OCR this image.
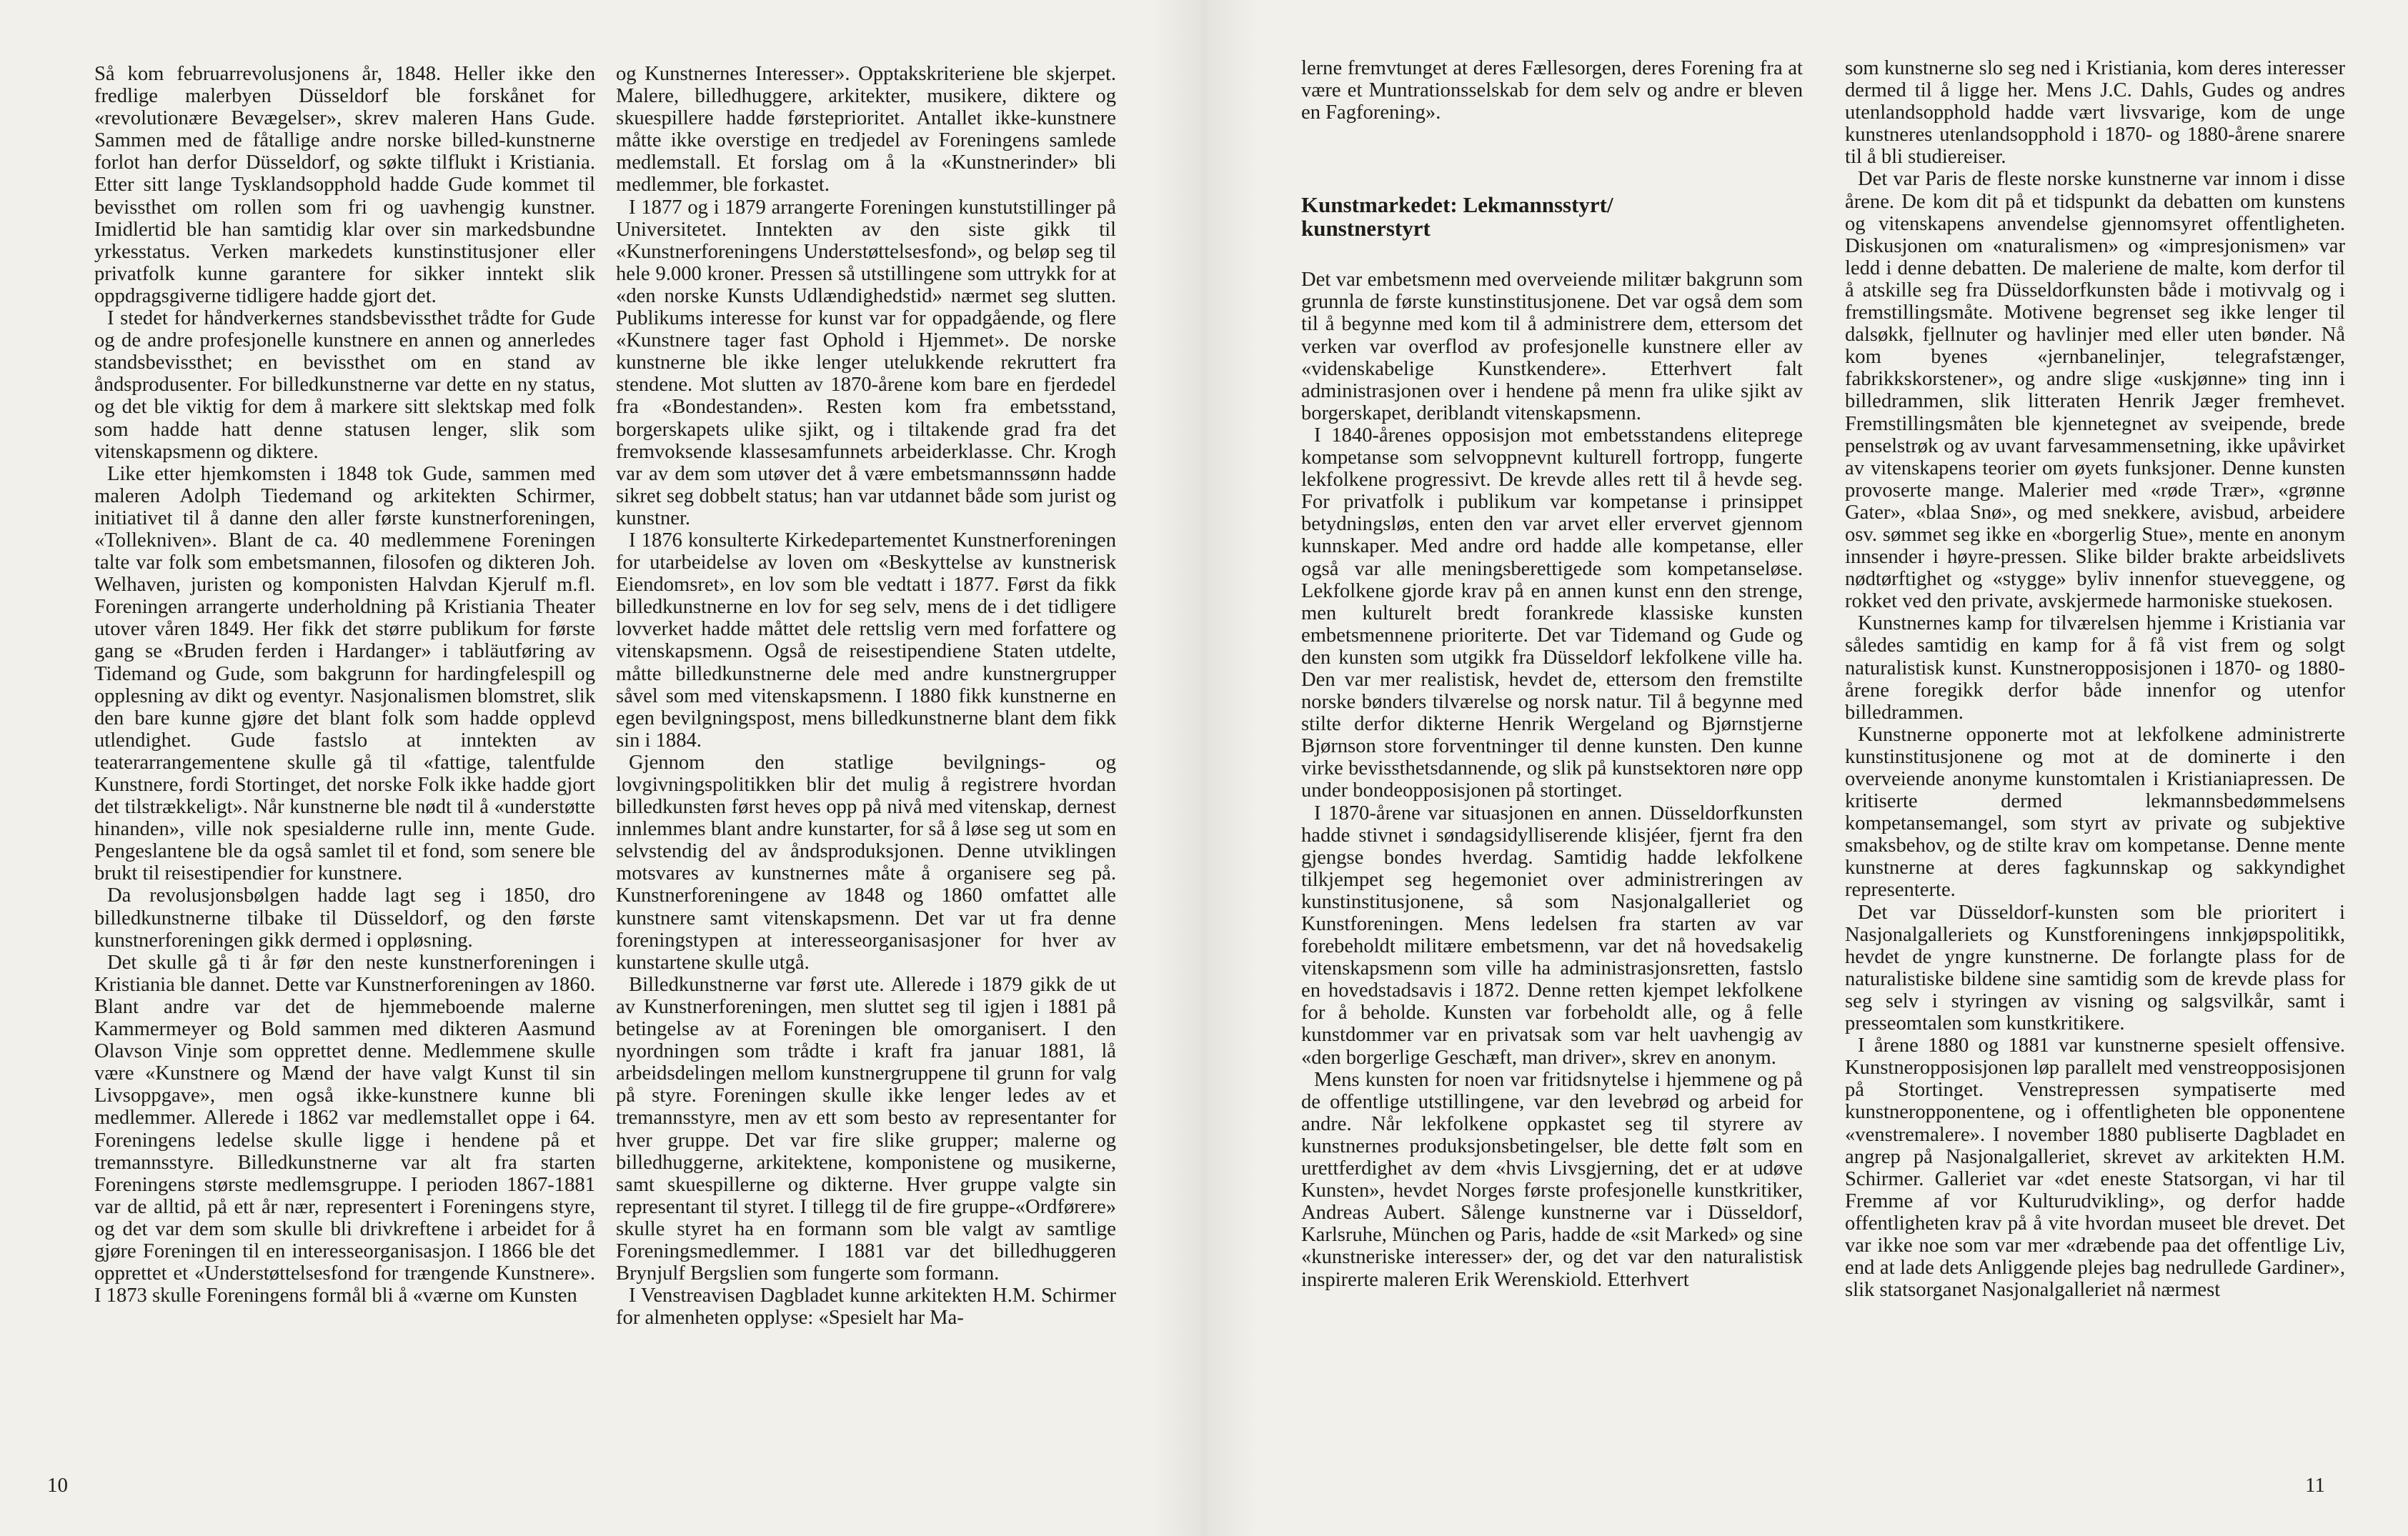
Så kom februarrevolusjonens år, 1848. Heller ikke den fredlige malerbyen Düsseldorf ble forskånet for «revolutionære Bevægelser», skrev maleren Hans Gude. Sammen med de fåtallige andre norske billed-kunstnerne forlot han derfor Düsseldorf, og søkte tilflukt i Kristiania. Etter sitt lange Tysklandsopphold hadde Gude kommet til bevissthet om rollen som fri og uavhengig kunstner. Imidlertid ble han samtidig klar over sin markedsbundne yrkesstatus. Verken markedets kunstinstitusjoner eller privatfolk kunne garantere for sikker inntekt slik oppdragsgiverne tidligere hadde gjort det.

I stedet for håndverkernes standsbevissthet trådte for Gude og de andre profesjonelle kunstnere en annen og annerledes standsbevissthet; en bevissthet om en stand av åndsprodusenter. For billedkunstnerne var dette en ny status, og det ble viktig for dem å markere sitt slektskap med folk som hadde hatt denne statusen lenger, slik som vitenskapsmenn og diktere.

Like etter hjemkomsten i 1848 tok Gude, sammen med maleren Adolph Tiedemand og arkitekten Schirmer, initiativet til å danne den aller første kunstnerforeningen, «Tollekniven». Blant de ca. 40 medlemmene Foreningen talte var folk som embetsmannen, filosofen og dikteren Joh. Welhaven, juristen og komponisten Halvdan Kjerulf m.fl. Foreningen arrangerte underholdning på Kristiania Theater utover våren 1849. Her fikk det større publikum for første gang se «Bruden ferden i Hardanger» i tabläutføring av Tidemand og Gude, som bakgrunn for hardingfelespill og opplesning av dikt og eventyr. Nasjonalismen blomstret, slik den bare kunne gjøre det blant folk som hadde opplevd utlendighet. Gude fastslo at inntekten av teaterarrangementene skulle gå til «fattige, talentfulde Kunstnere, fordi Stortinget, det norske Folk ikke hadde gjort det tilstrækkeligt». Når kunstnerne ble nødt til å «understøtte hinanden», ville nok spesialderne rulle inn, mente Gude. Pengeslantene ble da også samlet til et fond, som senere ble brukt til reisestipendier for kunstnere.

Da revolusjonsbølgen hadde lagt seg i 1850, dro billedkunstnerne tilbake til Düsseldorf, og den første kunstnerforeningen gikk dermed i oppløsning.

Det skulle gå ti år før den neste kunstnerforeningen i Kristiania ble dannet. Dette var Kunstnerforeningen av 1860. Blant andre var det de hjemmeboende malerne Kammermeyer og Bold sammen med dikteren Aasmund Olavson Vinje som opprettet denne. Medlemmene skulle være «Kunstnere og Mænd der have valgt Kunst til sin Livsoppgave», men også ikke-kunstnere kunne bli medlemmer. Allerede i 1862 var medlemstallet oppe i 64. Foreningens ledelse skulle ligge i hendene på et tremannsstyre. Billedkunstnerne var alt fra starten Foreningens største medlemsgruppe. I perioden 1867-1881 var de alltid, på ett år nær, representert i Foreningens styre, og det var dem som skulle bli drivkreftene i arbeidet for å gjøre Foreningen til en interesseorganisasjon. I 1866 ble det opprettet et «Understøttelsesfond for trængende Kunstnere». I 1873 skulle Foreningens formål bli å «værne om Kunsten

og Kunstnernes Interesser». Opptakskriteriene ble skjerpet. Malere, billedhuggere, arkitekter, musikere, diktere og skuespillere hadde førsteprioritet. Antallet ikke-kunstnere måtte ikke overstige en tredjedel av Foreningens samlede medlemstall. Et forslag om å la «Kunstnerinder» bli medlemmer, ble forkastet.

I 1877 og i 1879 arrangerte Foreningen kunstutstillinger på Universitetet. Inntekten av den siste gikk til «Kunstnerforeningens Understøttelsesfond», og beløp seg til hele 9.000 kroner. Pressen så utstillingene som uttrykk for at «den norske Kunsts Udlændighedstid» nærmet seg slutten. Publikums interesse for kunst var for oppadgående, og flere «Kunstnere tager fast Ophold i Hjemmet». De norske kunstnerne ble ikke lenger utelukkende rekruttert fra stendene. Mot slutten av 1870-årene kom bare en fjerdedel fra «Bondestanden». Resten kom fra embetsstand, borgerskapets ulike sjikt, og i tiltakende grad fra det fremvoksende klassesamfunnets arbeiderklasse. Chr. Krogh var av dem som utøver det å være embetsmannssønn hadde sikret seg dobbelt status; han var utdannet både som jurist og kunstner.

I 1876 konsulterte Kirkedepartementet Kunstnerforeningen for utarbeidelse av loven om «Beskyttelse av kunstnerisk Eiendomsret», en lov som ble vedtatt i 1877. Først da fikk billedkunstnerne en lov for seg selv, mens de i det tidligere lovverket hadde måttet dele rettslig vern med forfattere og vitenskapsmenn. Også de reisestipendiene Staten utdelte, måtte billedkunstnerne dele med andre kunstnergrupper såvel som med vitenskapsmenn. I 1880 fikk kunstnerne en egen bevilgningspost, mens billedkunstnerne blant dem fikk sin i 1884.

Gjennom den statlige bevilgnings- og lovgivningspolitikken blir det mulig å registrere hvordan billedkunsten først heves opp på nivå med vitenskap, dernest innlemmes blant andre kunstarter, for så å løse seg ut som en selvstendig del av åndsproduksjonen. Denne utviklingen motsvares av kunstnernes måte å organisere seg på. Kunstnerforeningene av 1848 og 1860 omfattet alle kunstnere samt vitenskapsmenn. Det var ut fra denne foreningstypen at interesseorganisasjoner for hver av kunstartene skulle utgå.

Billedkunstnerne var først ute. Allerede i 1879 gikk de ut av Kunstnerforeningen, men sluttet seg til igjen i 1881 på betingelse av at Foreningen ble omorganisert. I den nyordningen som trådte i kraft fra januar 1881, lå arbeidsdelingen mellom kunstnergruppene til grunn for valg på styre. Foreningen skulle ikke lenger ledes av et tremannsstyre, men av ett som besto av representanter for hver gruppe. Det var fire slike grupper; malerne og billedhuggerne, arkitektene, komponistene og musikerne, samt skuespillerne og dikterne. Hver gruppe valgte sin representant til styret. I tillegg til de fire gruppe-«Ordførere» skulle styret ha en formann som ble valgt av samtlige Foreningsmedlemmer. I 1881 var det billedhuggeren Brynjulf Bergslien som fungerte som formann.

I Venstreavisen Dagbladet kunne arkitekten H.M. Schirmer for almenheten opplyse: «Spesielt har Ma-

lerne fremvtunget at deres Fællesorgen, deres Forening fra at være et Muntrationsselskab for dem selv og andre er bleven en Fagforening».

Kunstmarkedet: Lekmannsstyrt/
kunstnerstyrt

Det var embetsmenn med overveiende militær bakgrunn som grunnla de første kunstinstitusjonene. Det var også dem som til å begynne med kom til å administrere dem, ettersom det verken var overflod av profesjonelle kunstnere eller av «videnskabelige Kunstkendere». Etterhvert falt administrasjonen over i hendene på menn fra ulike sjikt av borgerskapet, deriblandt vitenskapsmenn.

I 1840-årenes opposisjon mot embetsstandens eliteprege kompetanse som selvoppnevnt kulturell fortropp, fungerte lekfolkene progressivt. De krevde alles rett til å hevde seg. For privatfolk i publikum var kompetanse i prinsippet betydningsløs, enten den var arvet eller ervervet gjennom kunnskaper. Med andre ord hadde alle kompetanse, eller også var alle meningsberettigede som kompetanseløse. Lekfolkene gjorde krav på en annen kunst enn den strenge, men kulturelt bredt forankrede klassiske kunsten embetsmennene prioriterte. Det var Tidemand og Gude og den kunsten som utgikk fra Düsseldorf lekfolkene ville ha. Den var mer realistisk, hevdet de, ettersom den fremstilte norske bønders tilværelse og norsk natur. Til å begynne med stilte derfor dikterne Henrik Wergeland og Bjørnstjerne Bjørnson store forventninger til denne kunsten. Den kunne virke bevissthetsdannende, og slik på kunstsektoren nøre opp under bondeopposisjonen på stortinget.

I 1870-årene var situasjonen en annen. Düsseldorfkunsten hadde stivnet i søndagsidylliserende klisjéer, fjernt fra den gjengse bondes hverdag. Samtidig hadde lekfolkene tilkjempet seg hegemoniet over administreringen av kunstinstitusjonene, så som Nasjonalgalleriet og Kunstforeningen. Mens ledelsen fra starten av var forebeholdt militære embetsmenn, var det nå hovedsakelig vitenskapsmenn som ville ha administrasjonsretten, fastslo en hovedstadsavis i 1872. Denne retten kjempet lekfolkene for å beholde. Kunsten var forbeholdt alle, og å felle kunstdommer var en privatsak som var helt uavhengig av «den borgerlige Geschæft, man driver», skrev en anonym.

Mens kunsten for noen var fritidsnytelse i hjemmene og på de offentlige utstillingene, var den levebrød og arbeid for andre. Når lekfolkene oppkastet seg til styrere av kunstnernes produksjonsbetingelser, ble dette følt som en urettferdighet av dem «hvis Livsgjerning, det er at udøve Kunsten», hevdet Norges første profesjonelle kunstkritiker, Andreas Aubert. Sålenge kunstnerne var i Düsseldorf, Karlsruhe, München og Paris, hadde de «sit Marked» og sine «kunstneriske interesser» der, og det var den naturalistisk inspirerte maleren Erik Werenskiold. Etterhvert

som kunstnerne slo seg ned i Kristiania, kom deres interesser dermed til å ligge her. Mens J.C. Dahls, Gudes og andres utenlandsopphold hadde vært livsvarige, kom de unge kunstneres utenlandsopphold i 1870- og 1880-årene snarere til å bli studiereiser.

Det var Paris de fleste norske kunstnerne var innom i disse årene. De kom dit på et tidspunkt da debatten om kunstens og vitenskapens anvendelse gjennomsyret offentligheten. Diskusjonen om «naturalismen» og «impresjonismen» var ledd i denne debatten. De maleriene de malte, kom derfor til å atskille seg fra Düsseldorfkunsten både i motivvalg og i fremstillingsmåte. Motivene begrenset seg ikke lenger til dalsøkk, fjellnuter og havlinjer med eller uten bønder. Nå kom byenes «jernbanelinjer, telegrafstænger, fabrikkskorstener», og andre slige «uskjønne» ting inn i billedrammen, slik litteraten Henrik Jæger fremhevet. Fremstillingsmåten ble kjennetegnet av sveipende, brede penselstrøk og av uvant farvesammensetning, ikke upåvirket av vitenskapens teorier om øyets funksjoner. Denne kunsten provoserte mange. Malerier med «røde Trær», «grønne Gater», «blaa Snø», og med snekkere, avisbud, arbeidere osv. sømmet seg ikke en «borgerlig Stue», mente en anonym innsender i høyre-pressen. Slike bilder brakte arbeidslivets nødtørftighet og «stygge» byliv innenfor stueveggene, og rokket ved den private, avskjermede harmoniske stuekosen.

Kunstnernes kamp for tilværelsen hjemme i Kristiania var således samtidig en kamp for å få vist frem og solgt naturalistisk kunst. Kunstneropposisjonen i 1870- og 1880-årene foregikk derfor både innenfor og utenfor billedrammen.

Kunstnerne opponerte mot at lekfolkene administrerte kunstinstitusjonene og mot at de dominerte i den overveiende anonyme kunstomtalen i Kristianiapressen. De kritiserte dermed lekmannsbedømmelsens kompetansemangel, som styrt av private og subjektive smaksbehov, og de stilte krav om kompetanse. Denne mente kunstnerne at deres fagkunnskap og sakkyndighet representerte.

Det var Düsseldorf-kunsten som ble prioritert i Nasjonalgalleriets og Kunstforeningens innkjøpspolitikk, hevdet de yngre kunstnerne. De forlangte plass for de naturalistiske bildene sine samtidig som de krevde plass for seg selv i styringen av visning og salgsvilkår, samt i presseomtalen som kunstkritikere.

I årene 1880 og 1881 var kunstnerne spesielt offensive. Kunstneropposisjonen løp parallelt med venstreopposisjonen på Stortinget. Venstrepressen sympatiserte med kunstneropponentene, og i offentligheten ble opponentene «venstremalere». I november 1880 publiserte Dagbladet en angrep på Nasjonalgalleriet, skrevet av arkitekten H.M. Schirmer. Galleriet var «det eneste Statsorgan, vi har til Fremme af vor Kulturudvikling», og derfor hadde offentligheten krav på å vite hvordan museet ble drevet. Det var ikke noe som var mer «dræbende paa det offentlige Liv, end at lade dets Anliggende plejes bag nedrullede Gardiner», slik statsorganet Nasjonalgalleriet nå nærmest

10	11
